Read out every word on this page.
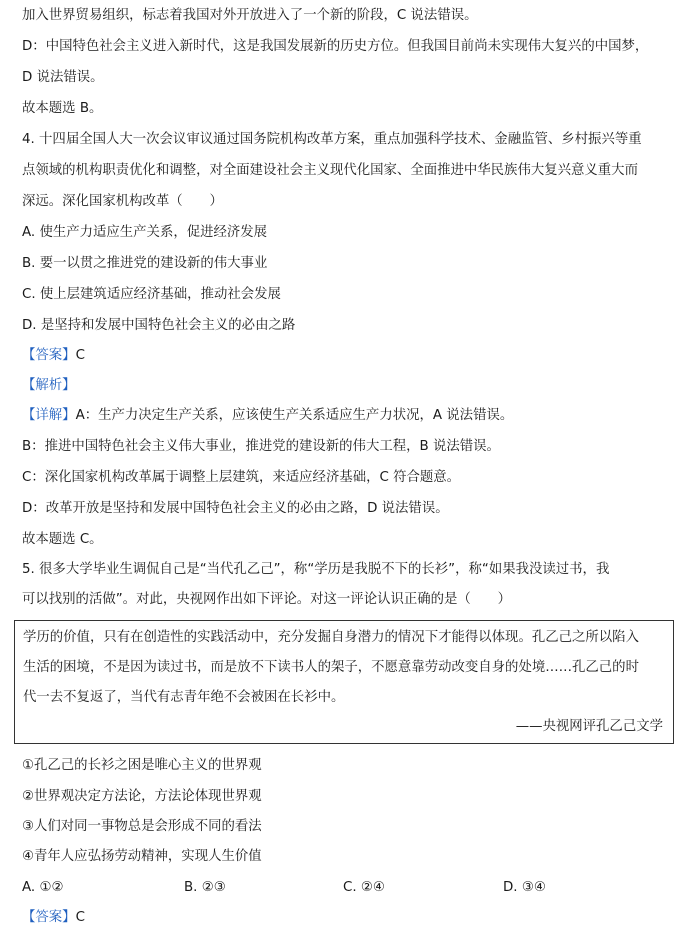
加入世界贸易组织，标志着我国对外开放进入了一个新的阶段，C 说法错误。
D：中国特色社会主义进入新时代，这是我国发展新的历史方位。但我国目前尚未实现伟大复兴的中国梦，
D 说法错误。
故本题选 B。
4. 十四届全国人大一次会议审议通过国务院机构改革方案，重点加强科学技术、金融监管、乡村振兴等重
点领域的机构职责优化和调整，对全面建设社会主义现代化国家、全面推进中华民族伟大复兴意义重大而
深远。深化国家机构改革（　　）
A. 使生产力适应生产关系，促进经济发展
B. 要一以贯之推进党的建设新的伟大事业
C. 使上层建筑适应经济基础，推动社会发展
D. 是坚持和发展中国特色社会主义的必由之路
【答案】C
【解析】
【详解】A：生产力决定生产关系，应该使生产关系适应生产力状况，A 说法错误。
B：推进中国特色社会主义伟大事业，推进党的建设新的伟大工程，B 说法错误。
C：深化国家机构改革属于调整上层建筑，来适应经济基础，C 符合题意。
D：改革开放是坚持和发展中国特色社会主义的必由之路，D 说法错误。
故本题选 C。
5. 很多大学毕业生调侃自己是“当代孔乙己”，称“学历是我脱不下的长衫”，称“如果我没读过书，我
可以找别的活做”。对此，央视网作出如下评论。对这一评论认识正确的是（　　）
学历的价值，只有在创造性的实践活动中，充分发掘自身潜力的情况下才能得以体现。孔乙己之所以陷入
生活的困境，不是因为读过书，而是放不下读书人的架子，不愿意靠劳动改变自身的处境……孔乙己的时
代一去不复返了，当代有志青年绝不会被困在长衫中。
——央视网评孔乙己文学
①孔乙己的长衫之困是唯心主义的世界观
②世界观决定方法论，方法论体现世界观
③人们对同一事物总是会形成不同的看法
④青年人应弘扬劳动精神，实现人生价值
A. ①②	B. ②③	C. ②④	D. ③④
【答案】C
